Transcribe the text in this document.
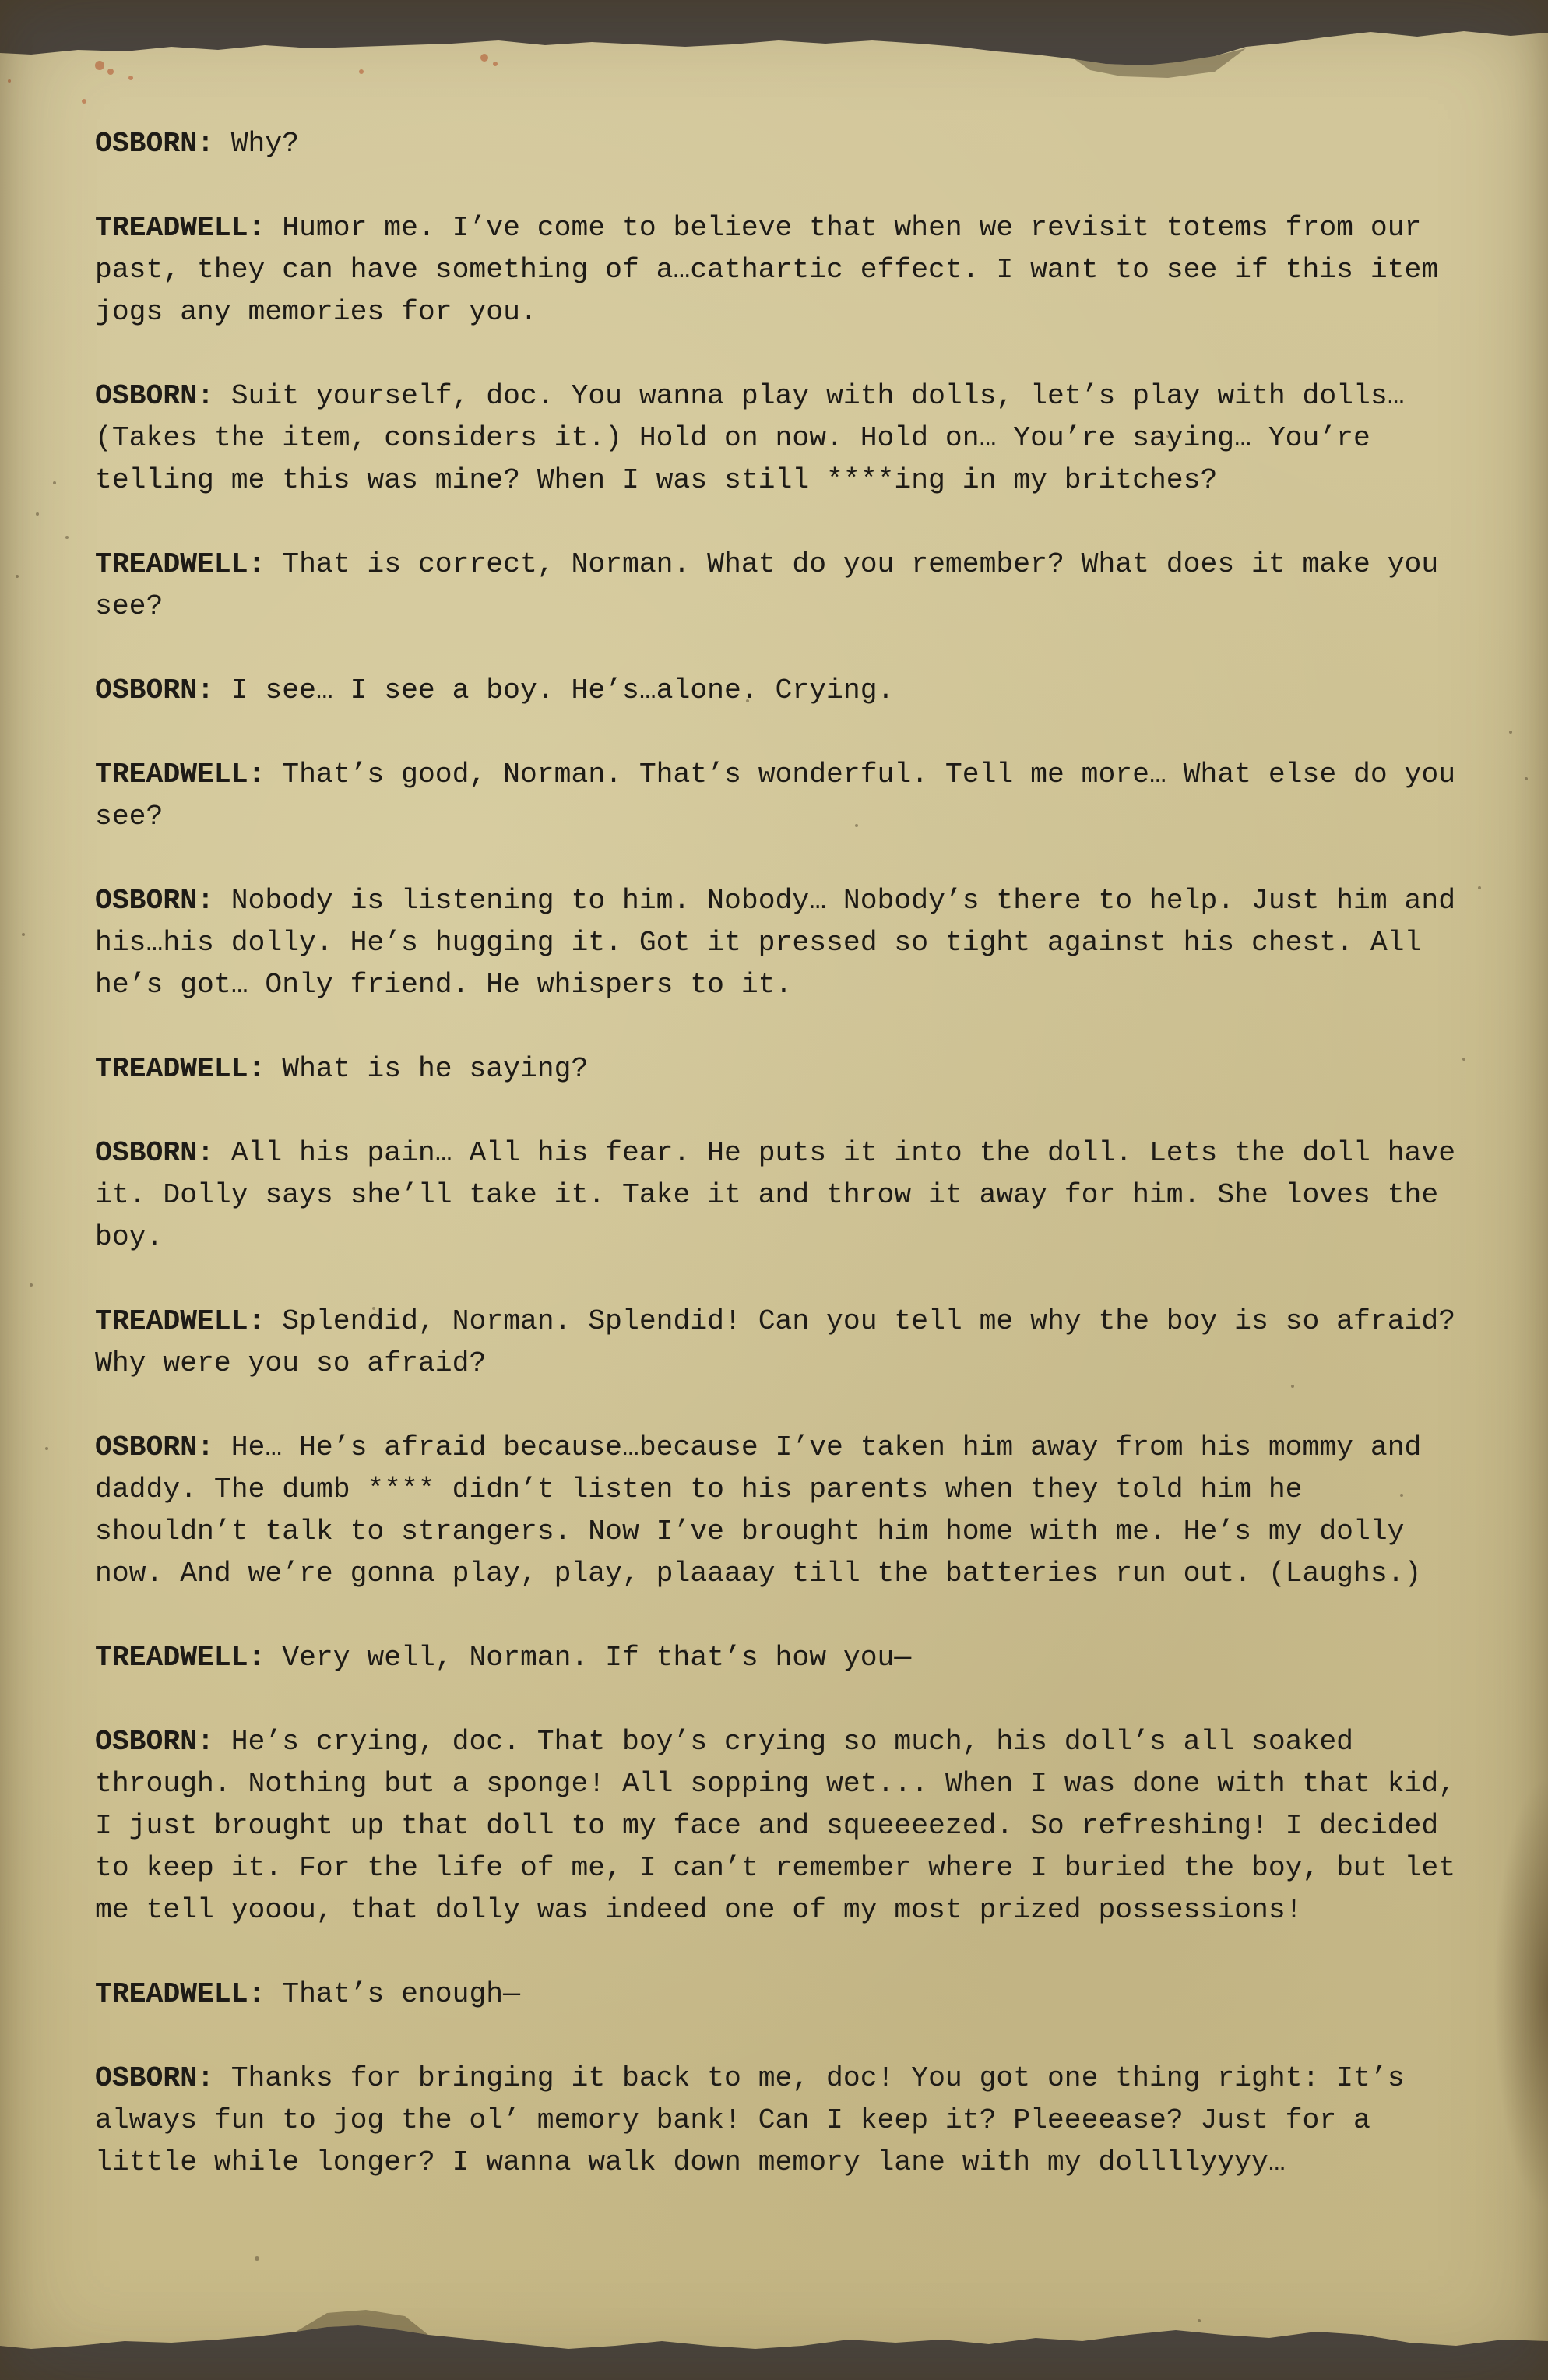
OSBORN: Why?

TREADWELL: Humor me. I’ve come to believe that when we revisit totems from our past, they can have something of a…cathartic effect. I want to see if this item jogs any memories for you.

OSBORN: Suit yourself, doc. You wanna play with dolls, let’s play with dolls… (Takes the item, considers it.) Hold on now. Hold on… You’re saying… You’re telling me this was mine? When I was still ****ing in my britches?

TREADWELL: That is correct, Norman. What do you remember? What does it make you see?

OSBORN: I see… I see a boy. He’s…alone. Crying.

TREADWELL: That’s good, Norman. That’s wonderful. Tell me more… What else do you see?

OSBORN: Nobody is listening to him. Nobody… Nobody’s there to help. Just him and his…his dolly. He’s hugging it. Got it pressed so tight against his chest. All he’s got… Only friend. He whispers to it.

TREADWELL: What is he saying?

OSBORN: All his pain… All his fear. He puts it into the doll. Lets the doll have it. Dolly says she’ll take it. Take it and throw it away for him. She loves the boy.

TREADWELL: Splendid, Norman. Splendid! Can you tell me why the boy is so afraid? Why were you so afraid?

OSBORN: He… He’s afraid because…because I’ve taken him away from his mommy and daddy. The dumb **** didn’t listen to his parents when they told him he shouldn’t talk to strangers. Now I’ve brought him home with me. He’s my dolly now. And we’re gonna play, play, plaaaay till the batteries run out. (Laughs.)

TREADWELL: Very well, Norman. If that’s how you—

OSBORN: He’s crying, doc. That boy’s crying so much, his doll’s all soaked through. Nothing but a sponge! All sopping wet... When I was done with that kid, I just brought up that doll to my face and squeeeezed. So refreshing! I decided to keep it. For the life of me, I can’t remember where I buried the boy, but let me tell yooou, that dolly was indeed one of my most prized possessions!

TREADWELL: That’s enough—

OSBORN: Thanks for bringing it back to me, doc! You got one thing right: It’s always fun to jog the ol’ memory bank! Can I keep it? Pleeeease? Just for a little while longer? I wanna walk down memory lane with my dollllyyyy…
